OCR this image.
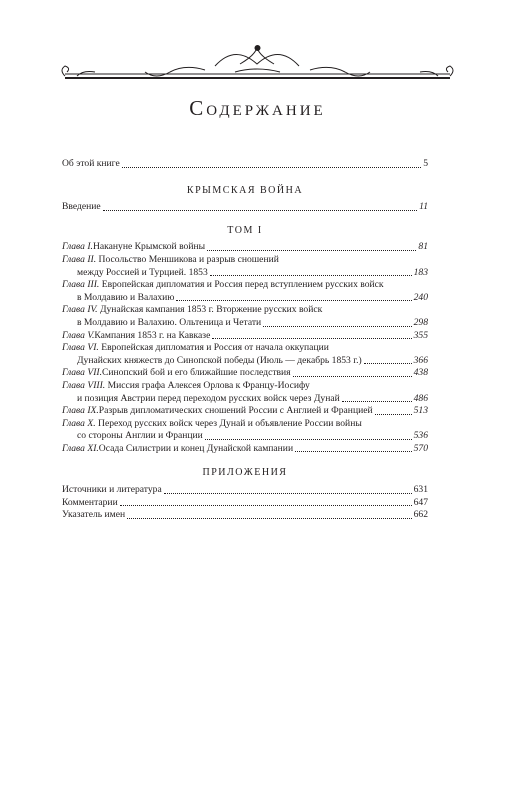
Содержание
Об этой книге	5
КРЫМСКАЯ ВОЙНА
Введение	11
ТОМ I
Глава I. Накануне Крымской войны	81
Глава II. Посольство Меншикова и разрыв сношений
между Россией и Турцией. 1853	183
Глава III. Европейская дипломатия и Россия перед вступлением русских войск
в Молдавию и Валахию	240
Глава IV. Дунайская кампания 1853 г. Вторжение русских войск
в Молдавию и Валахию. Ольтеница и Четати	298
Глава V. Кампания 1853 г. на Кавказе	355
Глава VI. Европейская дипломатия и Россия от начала оккупации
Дунайских княжеств до Синопской победы (Июль — декабрь 1853 г.)	366
Глава VII. Синопский бой и его ближайшие последствия	438
Глава VIII. Миссия графа Алексея Орлова к Францу-Иосифу
и позиция Австрии перед переходом русских войск через Дунай	486
Глава IX. Разрыв дипломатических сношений России с Англией и Францией	513
Глава X. Переход русских войск через Дунай и объявление России войны
со стороны Англии и Франции	536
Глава XI. Осада Силистрии и конец Дунайской кампании	570
ПРИЛОЖЕНИЯ
Источники и литература	631
Комментарии	647
Указатель имен	662
